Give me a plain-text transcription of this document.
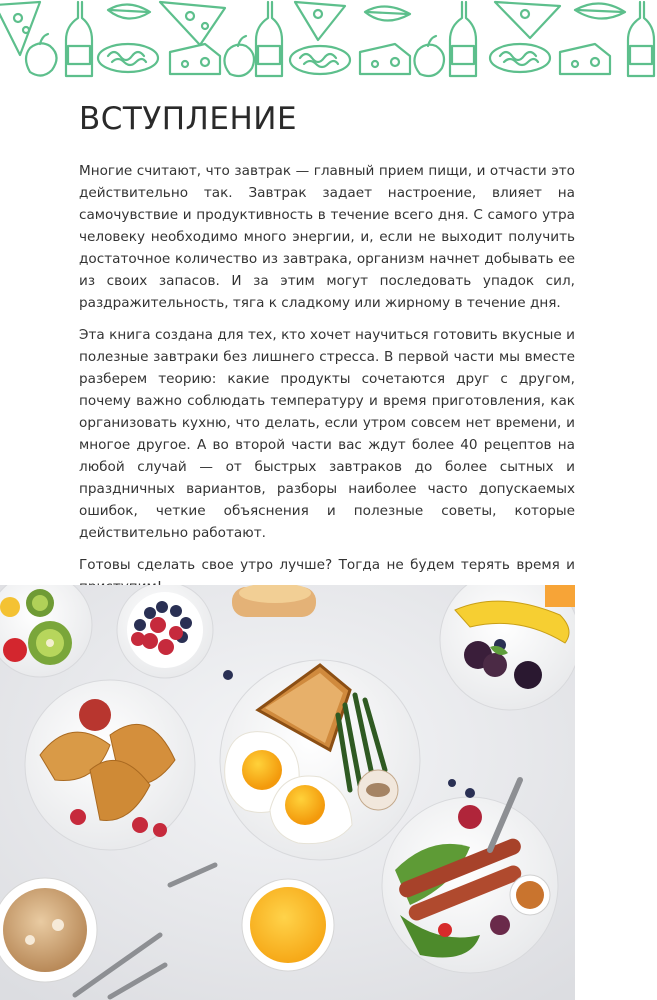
ВСТУПЛЕНИЕ

Многие считают, что завтрак — главный прием пищи, и отчасти это действительно так. Завтрак задает настроение, влияет на самочувствие и продуктивность в течение всего дня. С самого утра человеку необходимо много энергии, и, если не выходит получить достаточное количество из завтрака, организм начнет добывать ее из своих запасов. И за этим могут последовать упадок сил, раздражительность, тяга к сладкому или жирному в течение дня.

Эта книга создана для тех, кто хочет научиться готовить вкусные и полезные завтраки без лишнего стресса. В первой части мы вместе разберем теорию: какие продукты сочетаются друг с другом, почему важно соблюдать температуру и время приготовления, как организовать кухню, что делать, если утром совсем нет времени, и многое другое. А во второй части вас ждут более 40 рецептов на любой случай — от быстрых завтраков до более сытных и праздничных вариантов, разборы наиболее часто допускаемых ошибок, четкие объяснения и полезные советы, которые действительно работают.

Готовы сделать свое утро лучше? Тогда не будем терять время и
